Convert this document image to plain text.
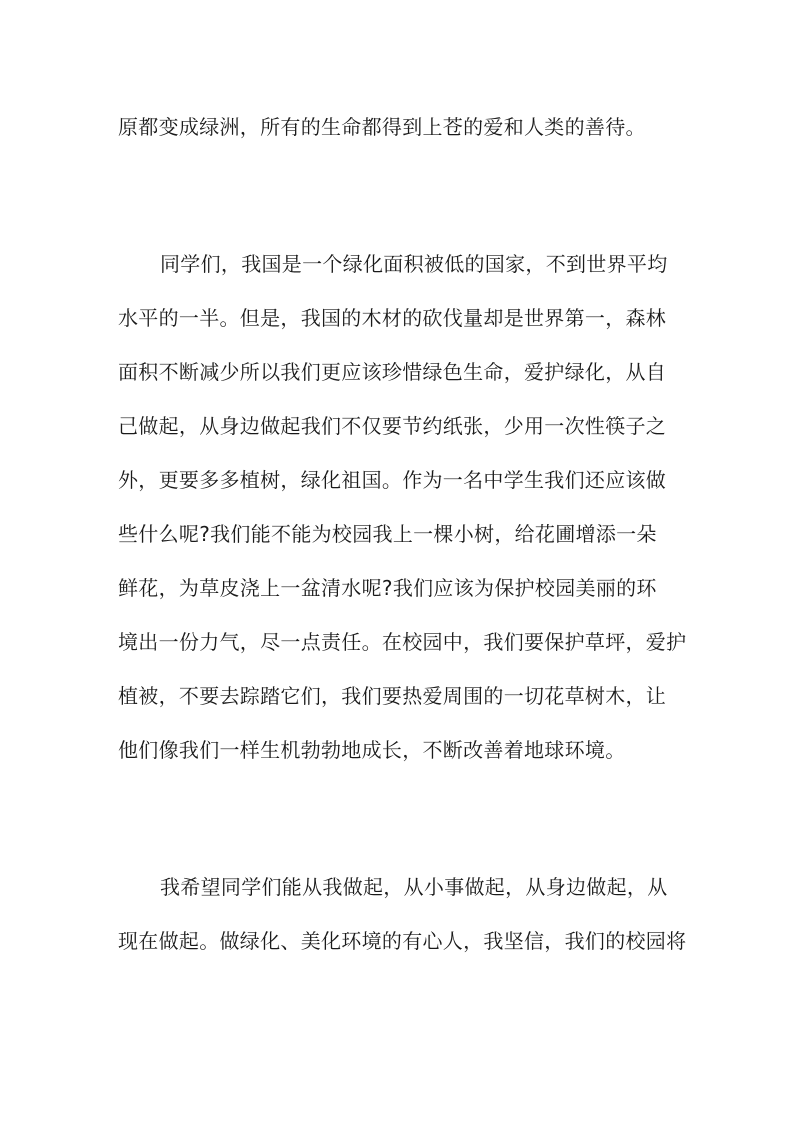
原都变成绿洲，所有的生命都得到上苍的爱和人类的善待。

同学们，我国是一个绿化面积被低的国家，不到世界平均

水平的一半。但是，我国的木材的砍伐量却是世界第一，森林

面积不断减少所以我们更应该珍惜绿色生命，爱护绿化，从自

己做起，从身边做起我们不仅要节约纸张，少用一次性筷子之

外，更要多多植树，绿化祖国。作为一名中学生我们还应该做

些什么呢?我们能不能为校园我上一棵小树，给花圃增添一朵

鲜花，为草皮浇上一盆清水呢?我们应该为保护校园美丽的环

境出一份力气，尽一点责任。在校园中，我们要保护草坪，爱护

植被，不要去踪踏它们，我们要热爱周围的一切花草树木，让

他们像我们一样生机勃勃地成长，不断改善着地球环境。

我希望同学们能从我做起，从小事做起，从身边做起，从

现在做起。做绿化、美化环境的有心人，我坚信，我们的校园将
